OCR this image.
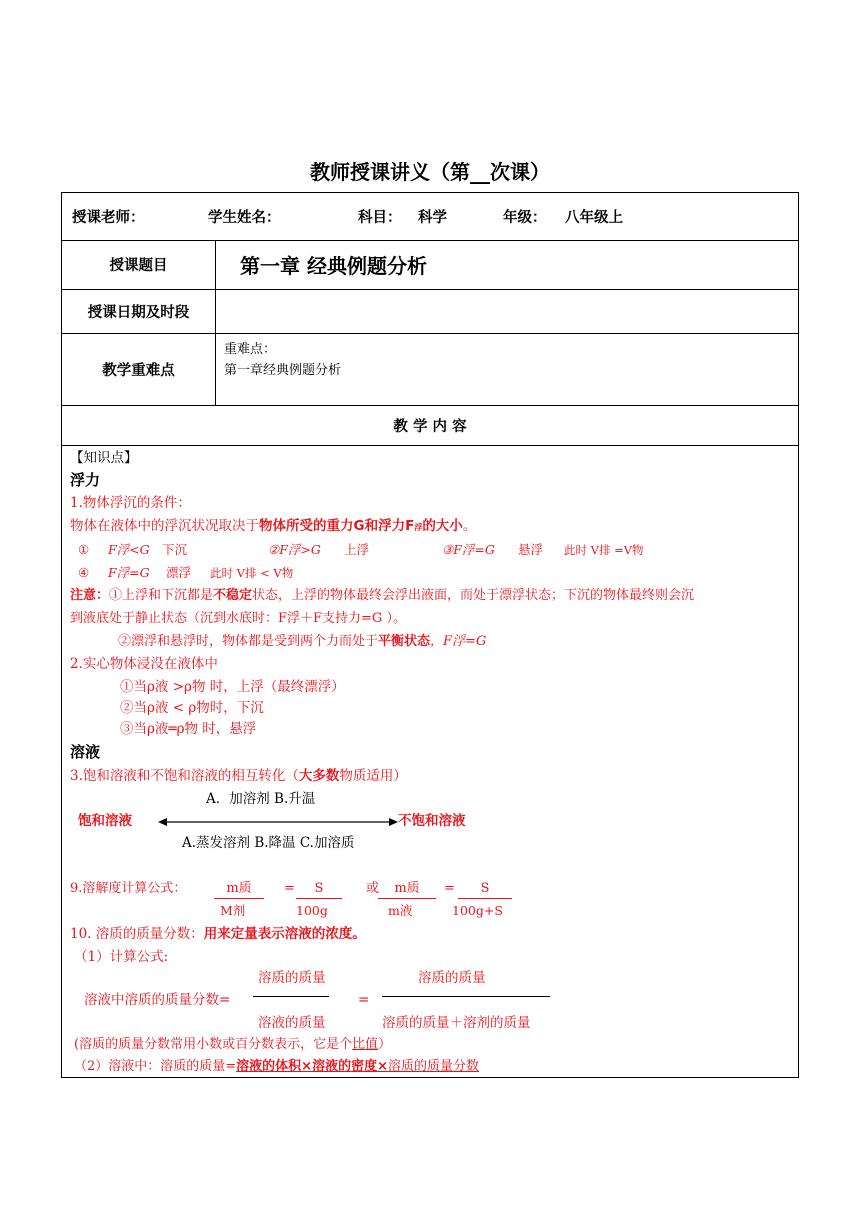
教师授课讲义（第__次课）
授课老师：	学生姓名：	科目： 科学	年级： 八年级上
授课题目	第一章 经典例题分析
授课日期及时段
教学重难点
重难点：
第一章经典例题分析
教 学 内 容
【知识点】
浮力
1.物体浮沉的条件：
物体在液体中的浮沉状况取决于物体所受的重力G和浮力F浮的大小。
① F浮<G 下沉	②F浮>G 上浮	③F浮=G 悬浮 此时 V排 =V物
④ F浮=G 漂浮 此时 V排 < V物
注意：①上浮和下沉都是不稳定状态，上浮的物体最终会浮出液面，而处于漂浮状态；下沉的物体最终则会沉
到液底处于静止状态（沉到水底时：F浮＋F支持力=G ）。
②漂浮和悬浮时，物体都是受到两个力而处于平衡状态，F浮=G
2.实心物体浸没在液体中
①当ρ液 >ρ物 时，上浮（最终漂浮）
②当ρ液 < ρ物时，下沉
③当ρ液═ρ物 时，悬浮
溶液
3.饱和溶液和不饱和溶液的相互转化（大多数物质适用）
A．加溶剂 B.升温
饱和溶液	不饱和溶液
A.蒸发溶剂 B.降温 C.加溶质
9.溶解度计算公式：	m质	=	S	或	m质	=	S
M剂	100g	m液	100g+S
10. 溶质的质量分数：用来定量表示溶液的浓度。
（1）计算公式:
溶质的质量	溶质的质量
溶液中溶质的质量分数=	=
溶液的质量	溶质的质量＋溶剂的质量
(溶质的质量分数常用小数或百分数表示，它是个比值）
（2）溶液中：溶质的质量=溶液的体积×溶液的密度×溶质的质量分数
